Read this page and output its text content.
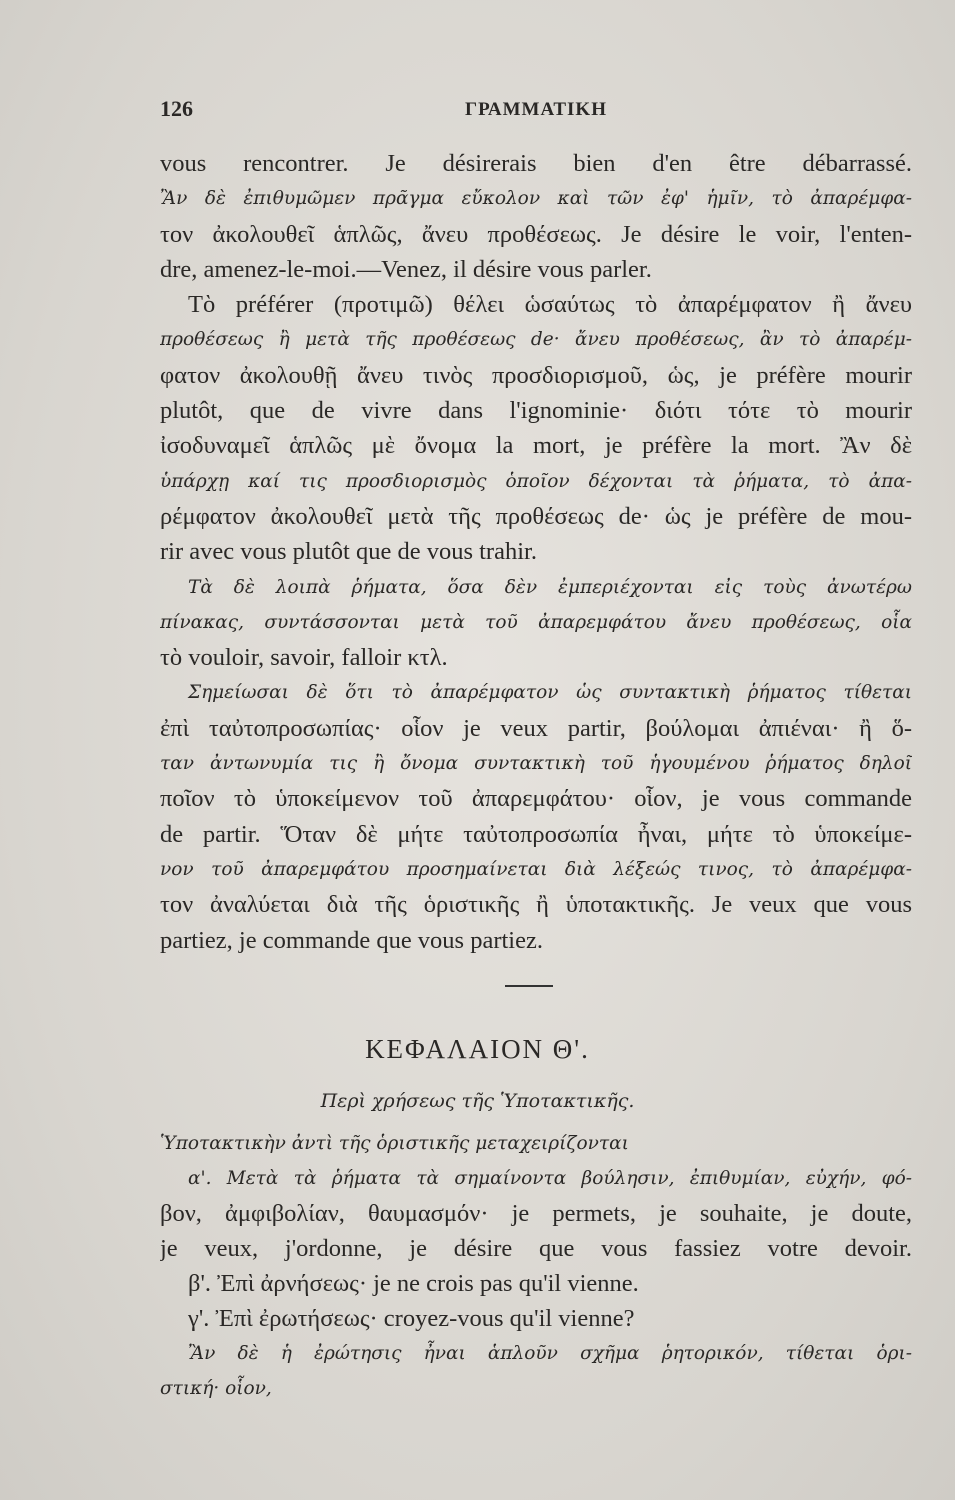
126	ΓΡΑΜΜΑΤΙΚΗ
vous rencontrer. Je désirerais bien d'en être débarrassé.
Ἂν δὲ ἐπιθυμῶμεν πρᾶγμα εὔκολον καὶ τῶν ἐφ' ἡμῖν, τὸ ἀπαρέμφα-
τον ἀκολουθεῖ ἁπλῶς, ἄνευ προθέσεως. Je désire le voir, l'enten-
dre, amenez-le-moi.—Venez, il désire vous parler.
Τὸ préférer (προτιμῶ) θέλει ὡσαύτως τὸ ἀπαρέμφατον ἢ ἄνευ
προθέσεως ἢ μετὰ τῆς προθέσεως de· ἄνευ προθέσεως, ἂν τὸ ἀπαρέμ-
φατον ἀκολουθῇ ἄνευ τινὸς προσδιορισμοῦ, ὡς, je préfère mourir
plutôt, que de vivre dans l'ignominie· διότι τότε τὸ mourir
ἰσοδυναμεῖ ἁπλῶς μὲ ὄνομα la mort, je préfère la mort. Ἂν δὲ
ὑπάρχῃ καί τις προσδιορισμὸς ὁποῖον δέχονται τὰ ῥήματα, τὸ ἀπα-
ρέμφατον ἀκολουθεῖ μετὰ τῆς προθέσεως de· ὡς je préfère de mou-
rir avec vous plutôt que de vous trahir.
Τὰ δὲ λοιπὰ ῥήματα, ὅσα δὲν ἐμπεριέχονται εἰς τοὺς ἀνωτέρω
πίνακας, συντάσσονται μετὰ τοῦ ἀπαρεμφάτου ἄνευ προθέσεως, οἷα
τὸ vouloir, savoir, falloir κτλ.
Σημείωσαι δὲ ὅτι τὸ ἀπαρέμφατον ὡς συντακτικὴ ῥήματος τίθεται
ἐπὶ ταὐτοπροσωπίας· οἷον je veux partir, βούλομαι ἀπιέναι· ἢ ὅ-
ταν ἀντωνυμία τις ἢ ὄνομα συντακτικὴ τοῦ ἡγουμένου ῥήματος δηλοῖ
ποῖον τὸ ὑποκείμενον τοῦ ἀπαρεμφάτου· οἷον, je vous commande
de partir. Ὅταν δὲ μήτε ταὐτοπροσωπία ἦναι, μήτε τὸ ὑποκείμε-
νον τοῦ ἀπαρεμφάτου προσημαίνεται διὰ λέξεώς τινος, τὸ ἀπαρέμφα-
τον ἀναλύεται διὰ τῆς ὁριστικῆς ἢ ὑποτακτικῆς. Je veux que vous
partiez, je commande que vous partiez.
ΚΕΦΑΛΑΙΟΝ Θ'.
Περὶ χρήσεως τῆς Ὑποτακτικῆς.
Ὑποτακτικὴν ἀντὶ τῆς ὁριστικῆς μεταχειρίζονται
α'. Μετὰ τὰ ῥήματα τὰ σημαίνοντα βούλησιν, ἐπιθυμίαν, εὐχήν, φό-
βον, ἀμφιβολίαν, θαυμασμόν· je permets, je souhaite, je doute,
je veux, j'ordonne, je désire que vous fassiez votre devoir.
β'. Ἐπὶ ἀρνήσεως· je ne crois pas qu'il vienne.
γ'. Ἐπὶ ἐρωτήσεως· croyez-vous qu'il vienne?
Ἂν δὲ ἡ ἐρώτησις ἦναι ἁπλοῦν σχῆμα ῥητορικόν, τίθεται ὁρι-
στική· οἷον,
